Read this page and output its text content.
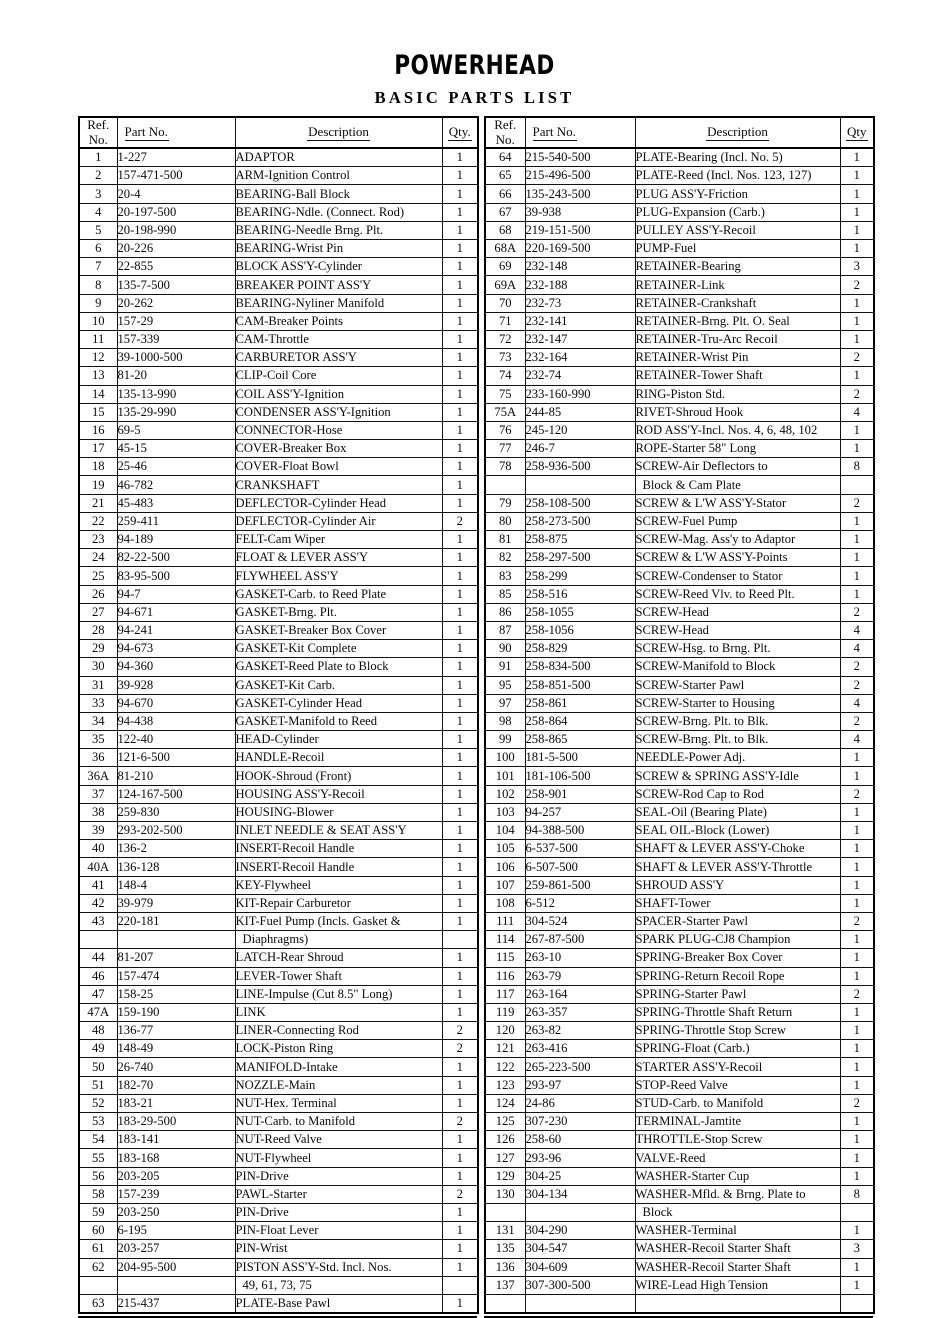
POWERHEAD
BASIC PARTS LIST
Ref.
No.	Part No.	Description	Qty.
1	1-227	ADAPTOR	1
2	157-471-500	ARM-Ignition Control	1
3	20-4	BEARING-Ball Block	1
4	20-197-500	BEARING-Ndle. (Connect. Rod)	1
5	20-198-990	BEARING-Needle Brng. Plt.	1
6	20-226	BEARING-Wrist Pin	1
7	22-855	BLOCK ASS'Y-Cylinder	1
8	135-7-500	BREAKER POINT ASS'Y	1
9	20-262	BEARING-Nyliner Manifold	1
10	157-29	CAM-Breaker Points	1
11	157-339	CAM-Throttle	1
12	39-1000-500	CARBURETOR ASS'Y	1
13	81-20	CLIP-Coil Core	1
14	135-13-990	COIL ASS'Y-Ignition	1
15	135-29-990	CONDENSER ASS'Y-Ignition	1
16	69-5	CONNECTOR-Hose	1
17	45-15	COVER-Breaker Box	1
18	25-46	COVER-Float Bowl	1
19	46-782	CRANKSHAFT	1
21	45-483	DEFLECTOR-Cylinder Head	1
22	259-411	DEFLECTOR-Cylinder Air	2
23	94-189	FELT-Cam Wiper	1
24	82-22-500	FLOAT & LEVER ASS'Y	1
25	83-95-500	FLYWHEEL ASS'Y	1
26	94-7	GASKET-Carb. to Reed Plate	1
27	94-671	GASKET-Brng. Plt.	1
28	94-241	GASKET-Breaker Box Cover	1
29	94-673	GASKET-Kit Complete	1
30	94-360	GASKET-Reed Plate to Block	1
31	39-928	GASKET-Kit Carb.	1
33	94-670	GASKET-Cylinder Head	1
34	94-438	GASKET-Manifold to Reed	1
35	122-40	HEAD-Cylinder	1
36	121-6-500	HANDLE-Recoil	1
36A	81-210	HOOK-Shroud (Front)	1
37	124-167-500	HOUSING ASS'Y-Recoil	1
38	259-830	HOUSING-Blower	1
39	293-202-500	INLET NEEDLE & SEAT ASS'Y	1
40	136-2	INSERT-Recoil Handle	1
40A	136-128	INSERT-Recoil Handle	1
41	148-4	KEY-Flywheel	1
42	39-979	KIT-Repair Carburetor	1
43	220-181	KIT-Fuel Pump (Incls. Gasket &	1
		Diaphragms)	
44	81-207	LATCH-Rear Shroud	1
46	157-474	LEVER-Tower Shaft	1
47	158-25	LINE-Impulse (Cut 8.5" Long)	1
47A	159-190	LINK	1
48	136-77	LINER-Connecting Rod	2
49	148-49	LOCK-Piston Ring	2
50	26-740	MANIFOLD-Intake	1
51	182-70	NOZZLE-Main	1
52	183-21	NUT-Hex. Terminal	1
53	183-29-500	NUT-Carb. to Manifold	2
54	183-141	NUT-Reed Valve	1
55	183-168	NUT-Flywheel	1
56	203-205	PIN-Drive	1
58	157-239	PAWL-Starter	2
59	203-250	PIN-Drive	1
60	6-195	PIN-Float Lever	1
61	203-257	PIN-Wrist	1
62	204-95-500	PISTON ASS'Y-Std. Incl. Nos.	1
		49, 61, 73, 75	
63	215-437	PLATE-Base Pawl	1
Ref.
No.	Part No.	Description	Qty
64	215-540-500	PLATE-Bearing (Incl. No. 5)	1
65	215-496-500	PLATE-Reed (Incl. Nos. 123, 127)	1
66	135-243-500	PLUG ASS'Y-Friction	1
67	39-938	PLUG-Expansion (Carb.)	1
68	219-151-500	PULLEY ASS'Y-Recoil	1
68A	220-169-500	PUMP-Fuel	1
69	232-148	RETAINER-Bearing	3
69A	232-188	RETAINER-Link	2
70	232-73	RETAINER-Crankshaft	1
71	232-141	RETAINER-Brng. Plt. O. Seal	1
72	232-147	RETAINER-Tru-Arc Recoil	1
73	232-164	RETAINER-Wrist Pin	2
74	232-74	RETAINER-Tower Shaft	1
75	233-160-990	RING-Piston Std.	2
75A	244-85	RIVET-Shroud Hook	4
76	245-120	ROD ASS'Y-Incl. Nos. 4, 6, 48, 102	1
77	246-7	ROPE-Starter 58" Long	1
78	258-936-500	SCREW-Air Deflectors to	8
		Block & Cam Plate	
79	258-108-500	SCREW & L'W ASS'Y-Stator	2
80	258-273-500	SCREW-Fuel Pump	1
81	258-875	SCREW-Mag. Ass'y to Adaptor	1
82	258-297-500	SCREW & L'W ASS'Y-Points	1
83	258-299	SCREW-Condenser to Stator	1
85	258-516	SCREW-Reed Vlv. to Reed Plt.	1
86	258-1055	SCREW-Head	2
87	258-1056	SCREW-Head	4
90	258-829	SCREW-Hsg. to Brng. Plt.	4
91	258-834-500	SCREW-Manifold to Block	2
95	258-851-500	SCREW-Starter Pawl	2
97	258-861	SCREW-Starter to Housing	4
98	258-864	SCREW-Brng. Plt. to Blk.	2
99	258-865	SCREW-Brng. Plt. to Blk.	4
100	181-5-500	NEEDLE-Power Adj.	1
101	181-106-500	SCREW & SPRING ASS'Y-Idle	1
102	258-901	SCREW-Rod Cap to Rod	2
103	94-257	SEAL-Oil (Bearing Plate)	1
104	94-388-500	SEAL OIL-Block (Lower)	1
105	6-537-500	SHAFT & LEVER ASS'Y-Choke	1
106	6-507-500	SHAFT & LEVER ASS'Y-Throttle	1
107	259-861-500	SHROUD ASS'Y	1
108	6-512	SHAFT-Tower	1
111	304-524	SPACER-Starter Pawl	2
114	267-87-500	SPARK PLUG-CJ8 Champion	1
115	263-10	SPRING-Breaker Box Cover	1
116	263-79	SPRING-Return Recoil Rope	1
117	263-164	SPRING-Starter Pawl	2
119	263-357	SPRING-Throttle Shaft Return	1
120	263-82	SPRING-Throttle Stop Screw	1
121	263-416	SPRING-Float (Carb.)	1
122	265-223-500	STARTER ASS'Y-Recoil	1
123	293-97	STOP-Reed Valve	1
124	24-86	STUD-Carb. to Manifold	2
125	307-230	TERMINAL-Jamtite	1
126	258-60	THROTTLE-Stop Screw	1
127	293-96	VALVE-Reed	1
129	304-25	WASHER-Starter Cup	1
130	304-134	WASHER-Mfld. & Brng. Plate to	8
		Block	
131	304-290	WASHER-Terminal	1
135	304-547	WASHER-Recoil Starter Shaft	3
136	304-609	WASHER-Recoil Starter Shaft	1
137	307-300-500	WIRE-Lead High Tension	1
